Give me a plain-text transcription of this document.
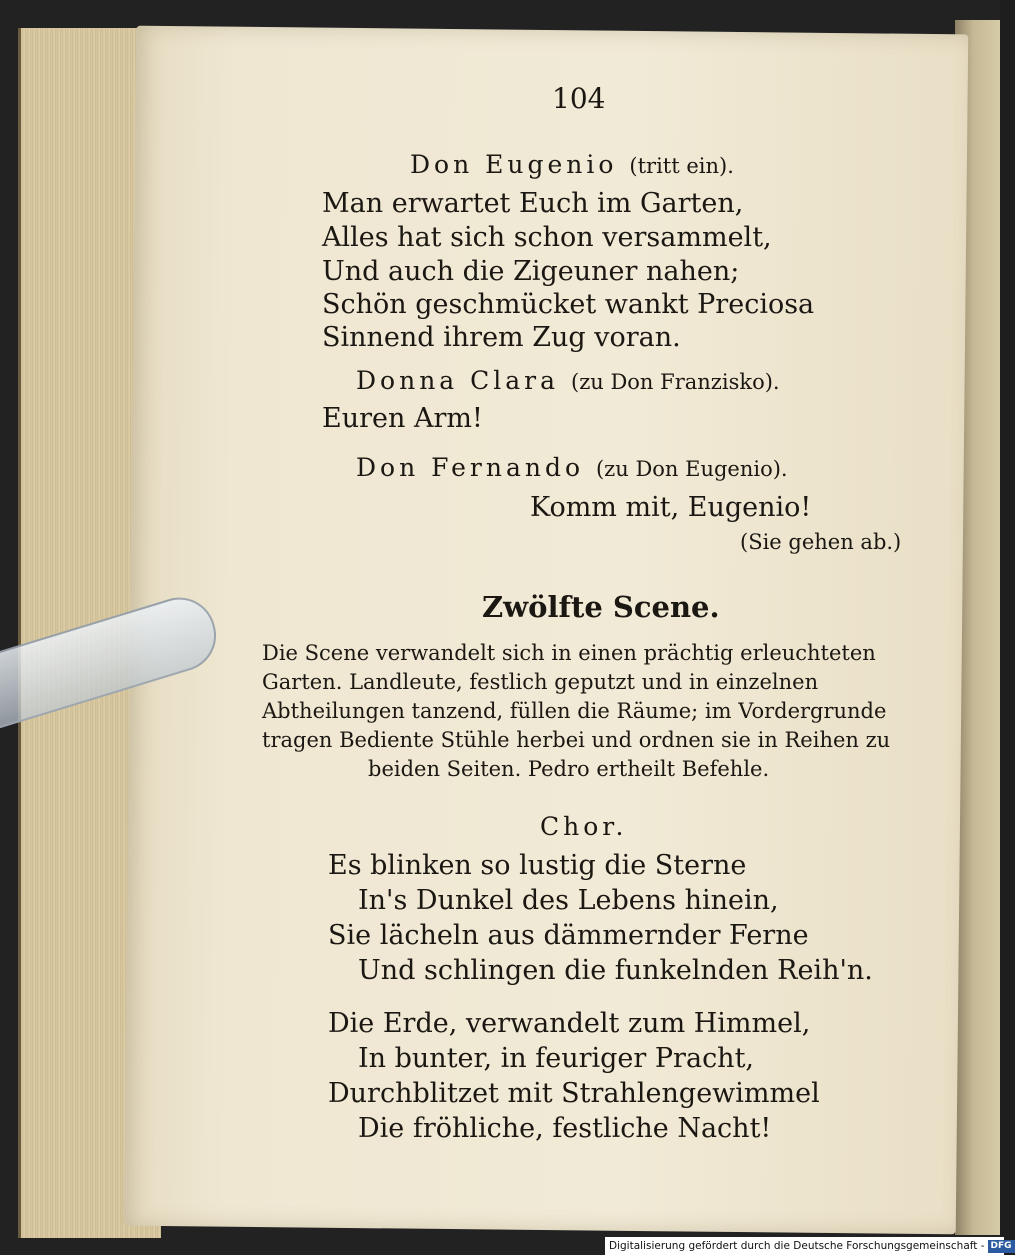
104
Don Eugenio (tritt ein).
Man erwartet Euch im Garten,
Alles hat sich schon versammelt,
Und auch die Zigeuner nahen;
Schön geschmücket wankt Preciosa
Sinnend ihrem Zug voran.
Donna Clara (zu Don Franzisko).
Euren Arm!
Don Fernando (zu Don Eugenio).
Komm mit, Eugenio!
(Sie gehen ab.)
Zwölfte Scene.
Die Scene verwandelt sich in einen prächtig erleuchteten
Garten. Landleute, festlich geputzt und in einzelnen
Abtheilungen tanzend, füllen die Räume; im Vordergrunde
tragen Bediente Stühle herbei und ordnen sie in Reihen zu
beiden Seiten. Pedro ertheilt Befehle.
Chor.
Es blinken so lustig die Sterne
In's Dunkel des Lebens hinein,
Sie lächeln aus dämmernder Ferne
Und schlingen die funkelnden Reih'n.
Die Erde, verwandelt zum Himmel,
In bunter, in feuriger Pracht,
Durchblitzet mit Strahlengewimmel
Die fröhliche, festliche Nacht!
Digitalisierung gefördert durch die Deutsche Forschungsgemeinschaft - DFG
